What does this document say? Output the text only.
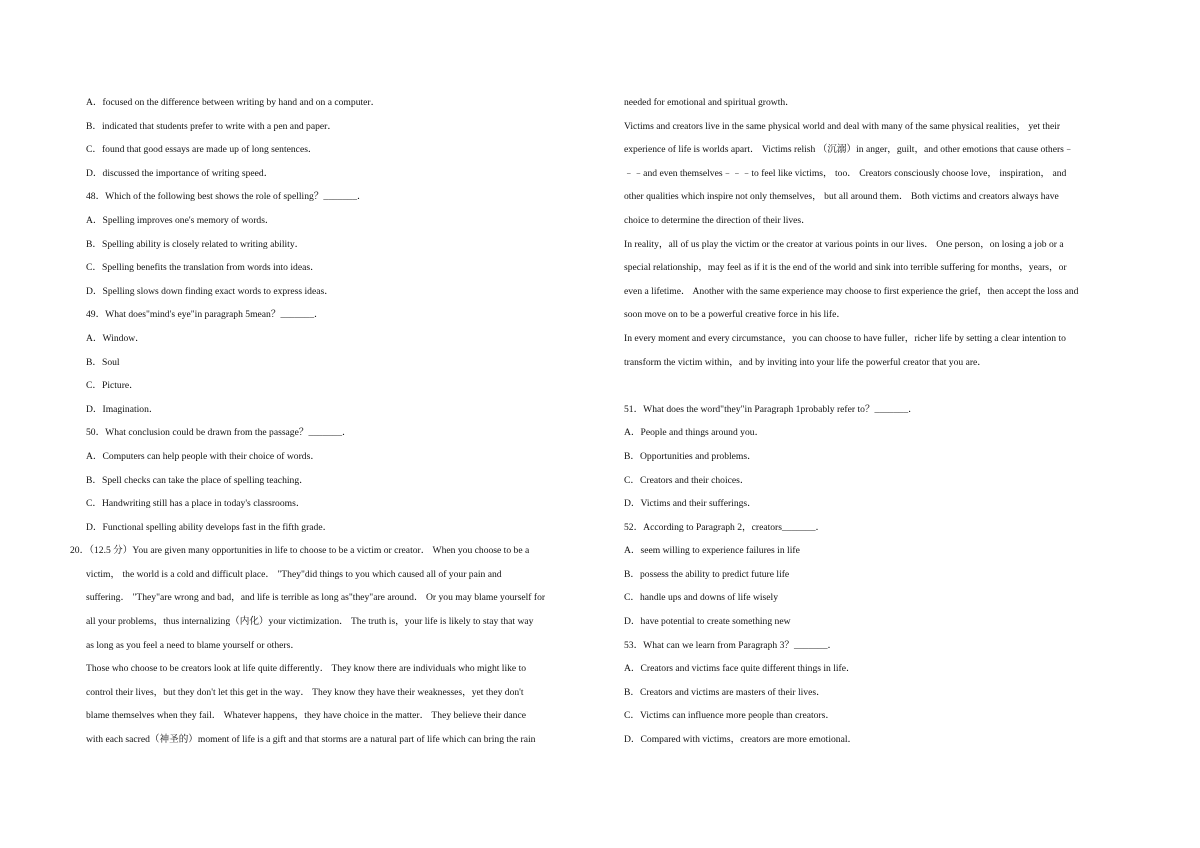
A．focused on the difference between writing by hand and on a computer．
B．indicated that students prefer to write with a pen and paper．
C．found that good essays are made up of long sentences．
D．discussed the importance of writing speed．
48．Which of the following best shows the role of spelling？_______．
A．Spelling improves one's memory of words．
B．Spelling ability is closely related to writing ability．
C．Spelling benefits the translation from words into ideas．
D．Spelling slows down finding exact words to express ideas．
49．What does"mind's eye"in paragraph 5mean？_______．
A．Window．
B．Soul
C．Picture．
D．Imagination．
50．What conclusion could be drawn from the passage？_______．
A．Computers can help people with their choice of words．
B．Spell checks can take the place of spelling teaching．
C．Handwriting still has a place in today's classrooms．
D．Functional spelling ability develops fast in the fifth grade．
20．（12.5 分）You are given many opportunities in life to choose to be a victim or creator． When you choose to be a
victim， the world is a cold and difficult place． "They"did things to you which caused all of your pain and
suffering． "They"are wrong and bad，and life is terrible as long as"they"are around． Or you may blame yourself for
all your problems，thus internalizing（内化）your victimization． The truth is，your life is likely to stay that way
as long as you feel a need to blame yourself or others．
Those who choose to be creators look at life quite differently． They know there are individuals who might like to
control their lives，but they don't let this get in the way． They know they have their weaknesses，yet they don't
blame themselves when they fail． Whatever happens，they have choice in the matter． They believe their dance
with each sacred（神圣的）moment of life is a gift and that storms are a natural part of life which can bring the rain
needed for emotional and spiritual growth．
Victims and creators live in the same physical world and deal with many of the same physical realities， yet their
experience of life is worlds apart． Victims relish （沉溺）in anger，guilt，and other emotions that cause others﹣
﹣﹣and even themselves﹣﹣﹣to feel like victims， too． Creators consciously choose love， inspiration， and
other qualities which inspire not only themselves， but all around them． Both victims and creators always have
choice to determine the direction of their lives．
In reality，all of us play the victim or the creator at various points in our lives． One person，on losing a job or a
special relationship，may feel as if it is the end of the world and sink into terrible suffering for months，years，or
even a lifetime． Another with the same experience may choose to first experience the grief，then accept the loss and
soon move on to be a powerful creative force in his life．
In every moment and every circumstance，you can choose to have fuller，richer life by setting a clear intention to
transform the victim within，and by inviting into your life the powerful creator that you are．
51．What does the word"they"in Paragraph 1probably refer to？_______．
A．People and things around you．
B．Opportunities and problems．
C．Creators and their choices．
D．Victims and their sufferings．
52．According to Paragraph 2，creators_______．
A．seem willing to experience failures in life
B．possess the ability to predict future life
C．handle ups and downs of life wisely
D．have potential to create something new
53．What can we learn from Paragraph 3？_______．
A．Creators and victims face quite different things in life．
B．Creators and victims are masters of their lives．
C．Victims can influence more people than creators．
D．Compared with victims，creators are more emotional．
